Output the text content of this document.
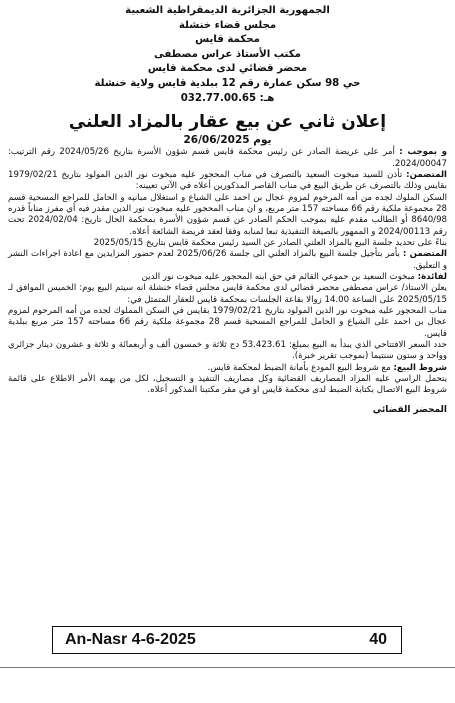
الجمهورية الجزائرية الديمقراطية الشعبية
مجلس قضاء خنشلة
محكمة قايس
مكتب الأستاذ عراس مصطفى
محضر قضائي لدى محكمة قايس
حي 98 سكن عمارة رقم 12 ببلدية قايس ولاية خنشلة
هـ: 032.77.00.65
إعلان ثاني عن بيع عقار بالمزاد العلني
يوم 26/06/2025

و بموجب : أمر على عريضة الصادر عن رئيس محكمة قايس قسم شؤون الأسرة بتاريخ 2024/05/26 رقم الترتيب: 2024/00047.

المتضمن: تأذن للسيد مبخوت السعيد بالتصرف في مناب المحجور عليه مبخوت نور الدين المولود بتاريخ 1979/02/21 بقايس وذلك بالتصرف عن طريق البيع في مناب القاصر المذكورين أعلاه في الآتي تعيينه:

السكن الملوك لجده من أمه المرحوم لمزوم عجال بن احمد على الشياع و استغلال مبانيه و الحامل للمراجع المسحية قسم 28 مجموعة ملكية رقم 66 مساحته 157 متر مربع، و ان مناب المحجور عليه مبخوت نور الدين مقدر فيه أي مفرز مناباً قدره 8640/98 أو الطالب مقدم عليه بموجب الحكم الصادر عن قسم شؤون الأسرة بمحكمة الحال تاريخ: 2024/02/04 تحت رقم 2024/00113 و الممهور بالصيغة التنفيذية تبعا لمنابه وفقا لعقد فريضة الشائعة أعلاه.

بناءً على تحديد جلسة البيع بالمزاد العلني الصادر عن السيد رئيس محكمة قايس بتاريخ 2025/05/15

المتضمن : بأمر بتأجيل جلسة البيع بالمزاد العلني الى جلسة 2025/06/26 لعدم حضور المزايدين مع اعادة اجراءات النشر و التعليق.

لفائدة: مبخوت السعيد بن حموعي القائم في حق ابنه المحجور عليه مبخوت نور الدين

يعلن الاستاذ/ عراس مصطفى محضر قضائي لدى محكمة قايس مجلس قضاء خنشلة انه سيتم البيع يوم: الخميس الموافق لـ 2025/05/15 على الساعة 14.00 زوالا بقاعة الجلسات بمحكمة قايس للعقار المتمثل في:

مناب المحجور عليه مبخوت نور الدين المولود بتاريخ 1979/02/21 بقايس في السكن المملوك لجده من أمه المرحوم لمزوم عجال بن احمد على الشياع و الحامل للمراجع المسحية قسم 28 مجموعة ملكية رقم 66 مساحته 157 متر مربع ببلدية قايس.

حدد السعر الافتتاحي الذي يبدأ به البيع بمبلغ: 53.423.61 دج ثلاثة و خمسون ألف و أربعمائة و ثلاثة و عشرون دينار جزائري وواحد و ستون سنتيما (بموجب تقرير خبرة).

شروط البيع: مع شروط البيع المودع بأمانة الضبط لمحكمة قايس.

يتحمل الراسي عليه المزاد المصاريف القضائية وكل مصاريف التنفيذ و التسجيل، لكل من يهمه الأمر الاطلاع على قائمة شروط البيع الاتصال بكتابة الضبط لدى محكمة قايس او في مقر مكتبنا المذكور أعلاه.

المحضر القضائي
An-Nasr 4-6-2025	40
